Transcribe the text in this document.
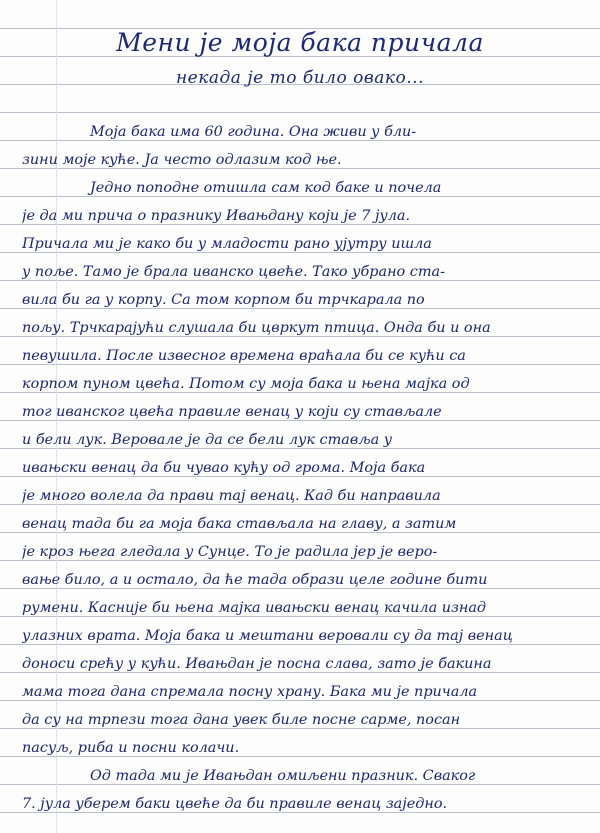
Мени је моја бака причала
некада је то било овако...
Моја бака има 60 година. Она живи у бли-
зини моје куће. Ја често одлазим код ње.
Једно поподне отишла сам код баке и почела
је да ми прича о празнику Ивањдану који је 7 јула.
Причала ми је како би у младости рано ујутру ишла
у поље. Тамо је брала иванско цвеће. Тако убрано ста-
вила би га у корпу. Са том корпом би трчкарала по
пољу. Трчкарајући слушала би цвркут птица. Онда би и она
певушила. После извесног времена враћала би се кући са
корпом пуном цвећа. Потом су моја бака и њена мајка од
тог иванског цвећа правиле венац у који су стављале
и бели лук. Веровале је да се бели лук ставља у
ивањски венац да би чувао кућу од грома. Моја бака
је много волела да прави тај венац. Кад би направила
венац тада би га моја бака стављала на главу, а затим
је кроз њега гледала у Сунце. То је радила јер је веро-
вање било, а и остало, да ће тада образи целе године бити
румени. Касније би њена мајка ивањски венац качила изнад
улазних врата. Моја бака и мештани веровали су да тај венац
доноси срећу у кући. Ивањдан је посна слава, зато је бакина
мама тога дана спремала посну храну. Бака ми је причала
да су на трпези тога дана увек биле посне сарме, посан
пасуљ, риба и посни колачи.
Од тада ми је Ивањдан омиљени празник. Сваког
7. јула уберем баки цвеће да би правиле венац заједно.
